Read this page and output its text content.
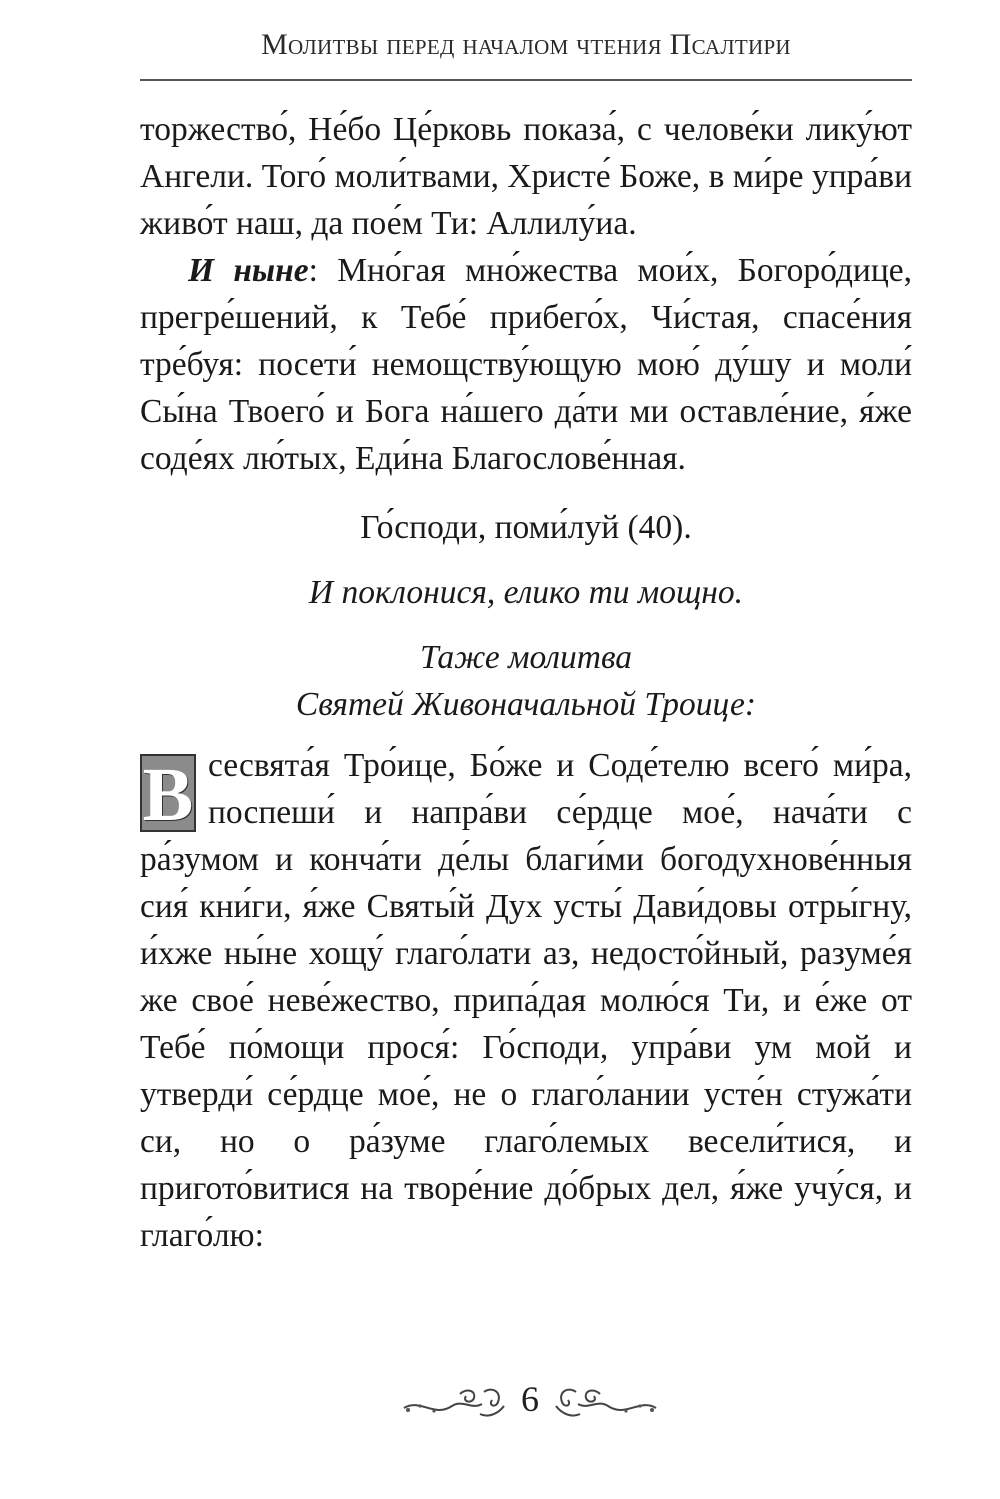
Молитвы перед началом чтения Псалтири

торжество́, Не́бо Це́рковь показа́, с челове́ки лику́ют Ангели. Того́ моли́твами, Христе́ Боже, в ми́ре упра́ви живо́т наш, да пое́м Ти: Аллилу́иа.

И ныне: Мно́гая мно́жества мои́х, Богоро́дице, прегре́шений, к Тебе́ прибего́х, Чи́стая, спасе́ния тре́буя: посети́ немощству́ющую мою́ ду́шу и моли́ Сы́на Твоего́ и Бога на́шего да́ти ми оставле́ние, я́же соде́ях лю́тых, Еди́на Благослове́нная.

Го́споди, поми́луй (40).

И поклонися, елико ти мощно.

Таже молитва

Святей Живоначальной Троице:

В сесвята́я Тро́ице, Бо́же и Соде́телю всего́ ми́ра, поспеши́ и напра́ви се́рдце мое́, нача́ти с ра́зумом и конча́ти де́лы благи́ми богодухнове́нныя сия́ кни́ги, я́же Святы́й Дух усты́ Дави́довы отры́гну, и́хже ны́не хощу́ глаго́лати аз, недосто́йный, разуме́я же свое́ неве́жество, припа́дая молю́ся Ти, и е́же от Тебе́ по́мощи прося́: Го́споди, упра́ви ум мой и утверди́ се́рдце мое́, не о глаго́лании усте́н стужа́ти си, но о ра́зуме глаго́лемых весели́тися, и пригото́витися на творе́ние до́брых дел, я́же учу́ся, и глаго́лю:

6
